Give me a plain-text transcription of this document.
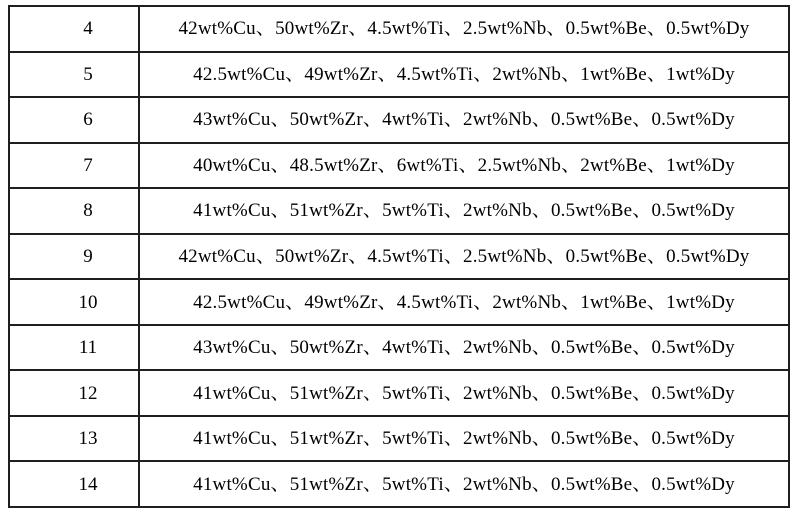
4	42wt%Cu、50wt%Zr、4.5wt%Ti、2.5wt%Nb、0.5wt%Be、0.5wt%Dy
5	42.5wt%Cu、49wt%Zr、4.5wt%Ti、2wt%Nb、1wt%Be、1wt%Dy
6	43wt%Cu、50wt%Zr、4wt%Ti、2wt%Nb、0.5wt%Be、0.5wt%Dy
7	40wt%Cu、48.5wt%Zr、6wt%Ti、2.5wt%Nb、2wt%Be、1wt%Dy
8	41wt%Cu、51wt%Zr、5wt%Ti、2wt%Nb、0.5wt%Be、0.5wt%Dy
9	42wt%Cu、50wt%Zr、4.5wt%Ti、2.5wt%Nb、0.5wt%Be、0.5wt%Dy
10	42.5wt%Cu、49wt%Zr、4.5wt%Ti、2wt%Nb、1wt%Be、1wt%Dy
11	43wt%Cu、50wt%Zr、4wt%Ti、2wt%Nb、0.5wt%Be、0.5wt%Dy
12	41wt%Cu、51wt%Zr、5wt%Ti、2wt%Nb、0.5wt%Be、0.5wt%Dy
13	41wt%Cu、51wt%Zr、5wt%Ti、2wt%Nb、0.5wt%Be、0.5wt%Dy
14	41wt%Cu、51wt%Zr、5wt%Ti、2wt%Nb、0.5wt%Be、0.5wt%Dy
